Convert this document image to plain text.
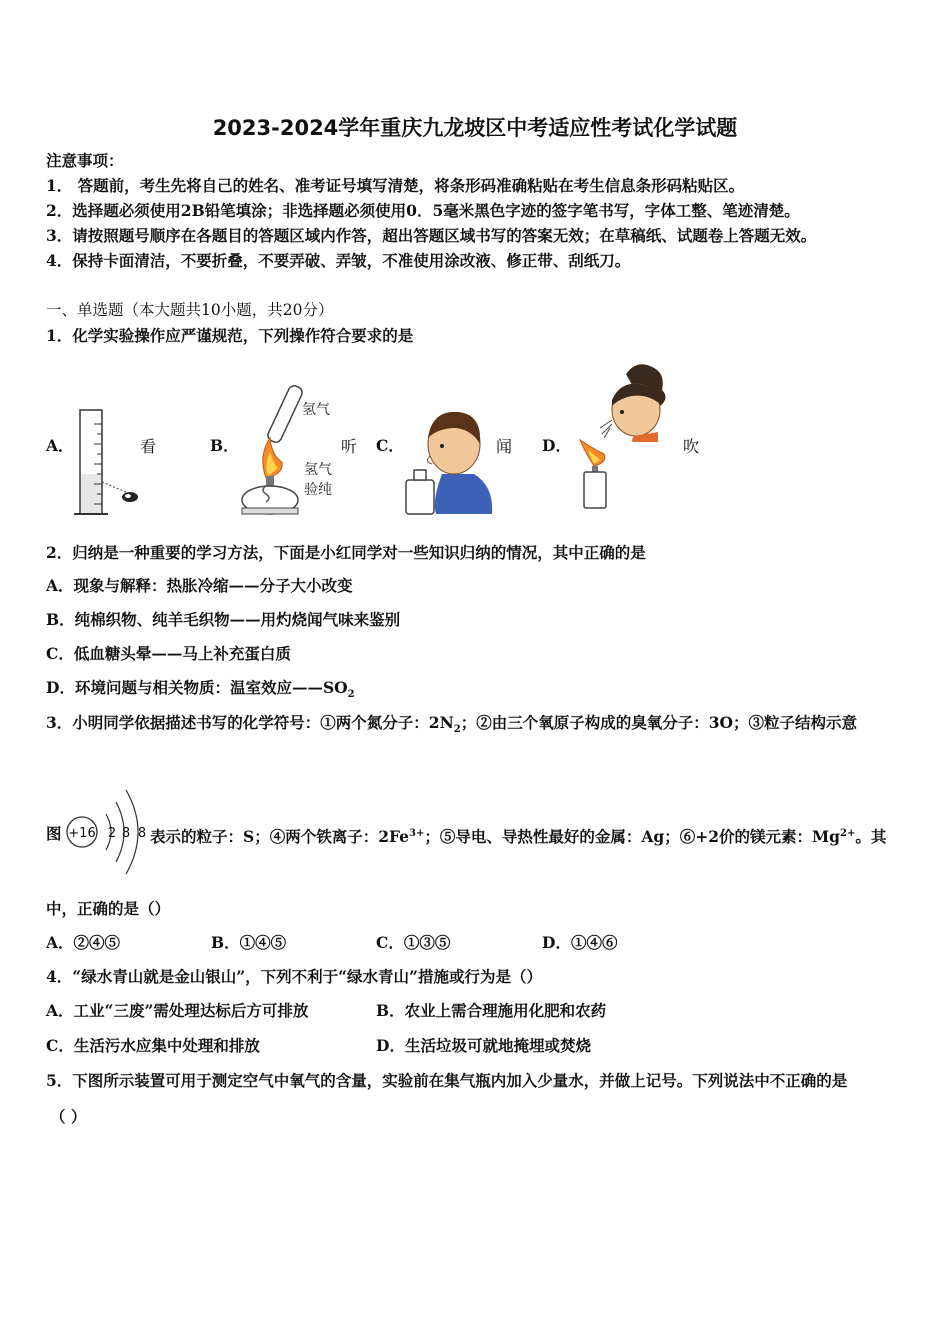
2023-2024学年重庆九龙坡区中考适应性考试化学试题
注意事项：
1． 答题前，考生先将自己的姓名、准考证号填写清楚，将条形码准确粘贴在考生信息条形码粘贴区。
2．选择题必须使用2B铅笔填涂；非选择题必须使用0．5毫米黑色字迹的签字笔书写，字体工整、笔迹清楚。
3．请按照题号顺序在各题目的答题区域内作答，超出答题区域书写的答案无效；在草稿纸、试题卷上答题无效。
4．保持卡面清洁，不要折叠，不要弄破、弄皱，不准使用涂改液、修正带、刮纸刀。
一、单选题（本大题共10小题，共20分）
1．化学实验操作应严谨规范，下列操作符合要求的是
A．	看	B．
氢气
氢气
验纯
听 C．	闻 D．	吹
2．归纳是一种重要的学习方法，下面是小红同学对一些知识归纳的情况，其中正确的是
A．现象与解释：热胀冷缩——分子大小改变
B．纯棉织物、纯羊毛织物——用灼烧闻气味来鉴别
C．低血糖头晕——马上补充蛋白质
D．环境问题与相关物质：温室效应$——SO_2$
3．小明同学依据描述书写的化学符号：①两个氮分子：$2N_2$；②由三个氧原子构成的臭氧分子：3O；③粒子结构示意
图 +16 2 8 8 表示的粒子：S；④两个铁离子：$2Fe^{3+}$；⑤导电、导热性最好的金属：Ag；⑥+2价的镁元素：$Mg^{2+}$。其
中，正确的是（）
A．②④⑤	B．①④⑤	C．①③⑤	D．①④⑥
4．“绿水青山就是金山银山”，下列不利于“绿水青山”措施或行为是（）
A．工业“三废”需处理达标后方可排放	B．农业上需合理施用化肥和农药
C．生活污水应集中处理和排放	D．生活垃圾可就地掩埋或焚烧
5．下图所示装置可用于测定空气中氧气的含量，实验前在集气瓶内加入少量水，并做上记号。下列说法中不正确的是
（ ）
